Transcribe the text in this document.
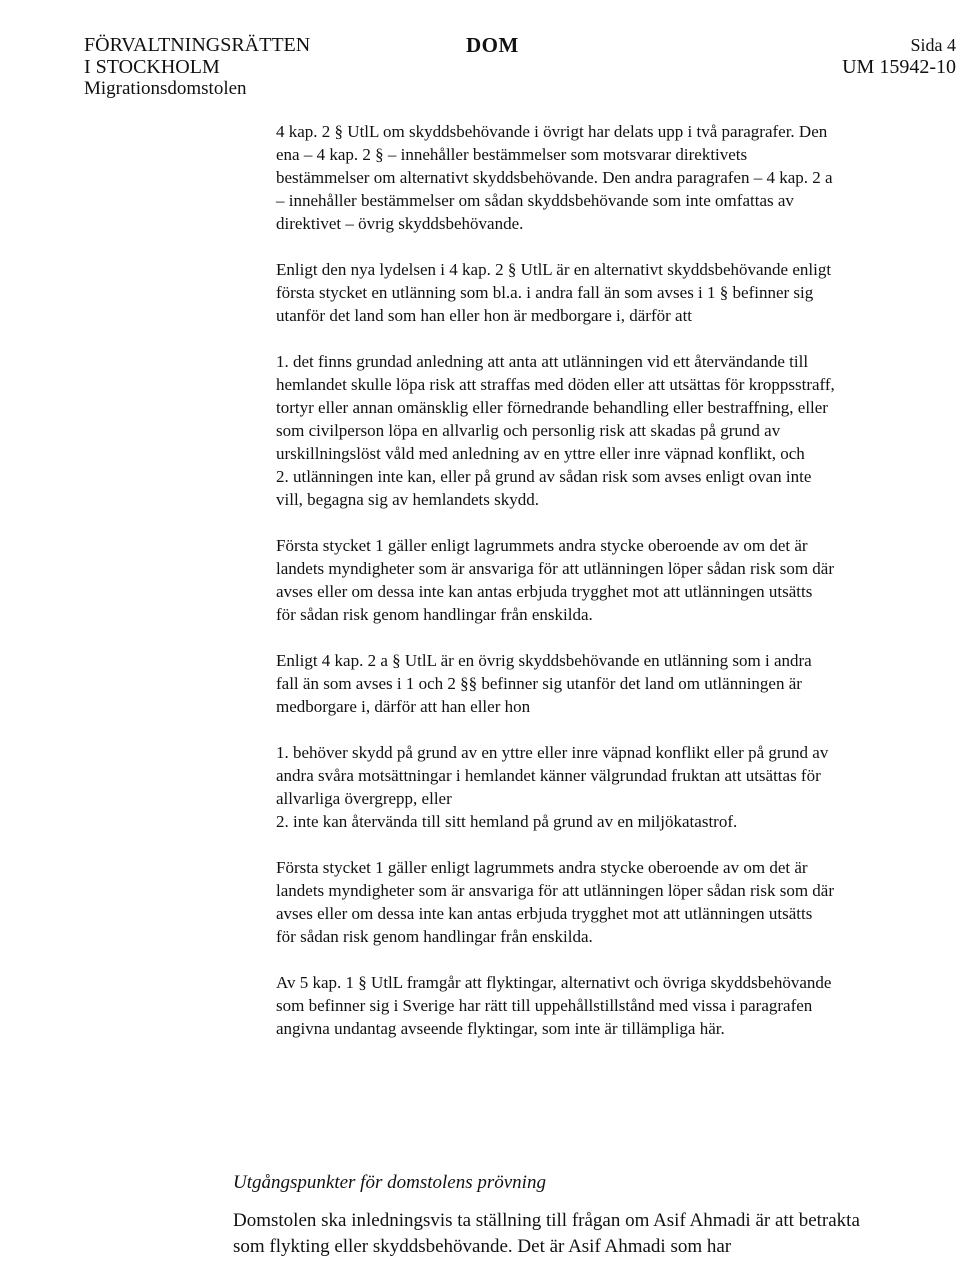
FÖRVALTNINGSRÄTTEN
I STOCKHOLM
Migrationsdomstolen
DOM	Sida 4
UM 15942-10

4 kap. 2 § UtlL om skyddsbehövande i övrigt har delats upp i två paragrafer. Den ena – 4 kap. 2 § – innehåller bestämmelser som motsvarar direktivets bestämmelser om alternativt skyddsbehövande. Den andra paragrafen – 4 kap. 2 a – innehåller bestämmelser om sådan skyddsbehövande som inte omfattas av direktivet – övrig skyddsbehövande.

Enligt den nya lydelsen i 4 kap. 2 § UtlL är en alternativt skyddsbehövande enligt första stycket en utlänning som bl.a. i andra fall än som avses i 1 § befinner sig utanför det land som han eller hon är medborgare i, därför att

1. det finns grundad anledning att anta att utlänningen vid ett återvändande till hemlandet skulle löpa risk att straffas med döden eller att utsättas för kroppsstraff, tortyr eller annan omänsklig eller förnedrande behandling eller bestraffning, eller som civilperson löpa en allvarlig och personlig risk att skadas på grund av urskillningslöst våld med anledning av en yttre eller inre väpnad konflikt, och

2. utlänningen inte kan, eller på grund av sådan risk som avses enligt ovan inte vill, begagna sig av hemlandets skydd.

Första stycket 1 gäller enligt lagrummets andra stycke oberoende av om det är landets myndigheter som är ansvariga för att utlänningen löper sådan risk som där avses eller om dessa inte kan antas erbjuda trygghet mot att utlänningen utsätts för sådan risk genom handlingar från enskilda.

Enligt 4 kap. 2 a § UtlL är en övrig skyddsbehövande en utlänning som i andra fall än som avses i 1 och 2 §§ befinner sig utanför det land om utlänningen är medborgare i, därför att han eller hon

1. behöver skydd på grund av en yttre eller inre väpnad konflikt eller på grund av andra svåra motsättningar i hemlandet känner välgrundad fruktan att utsättas för allvarliga övergrepp, eller

2. inte kan återvända till sitt hemland på grund av en miljökatastrof.

Första stycket 1 gäller enligt lagrummets andra stycke oberoende av om det är landets myndigheter som är ansvariga för att utlänningen löper sådan risk som där avses eller om dessa inte kan antas erbjuda trygghet mot att utlänningen utsätts för sådan risk genom handlingar från enskilda.

Av 5 kap. 1 § UtlL framgår att flyktingar, alternativt och övriga skyddsbehövande som befinner sig i Sverige har rätt till uppehållstillstånd med vissa i paragrafen angivna undantag avseende flyktingar, som inte är tillämpliga här.

Utgångspunkter för domstolens prövning

Domstolen ska inledningsvis ta ställning till frågan om Asif Ahmadi är att betrakta som flykting eller skyddsbehövande. Det är Asif Ahmadi som har
